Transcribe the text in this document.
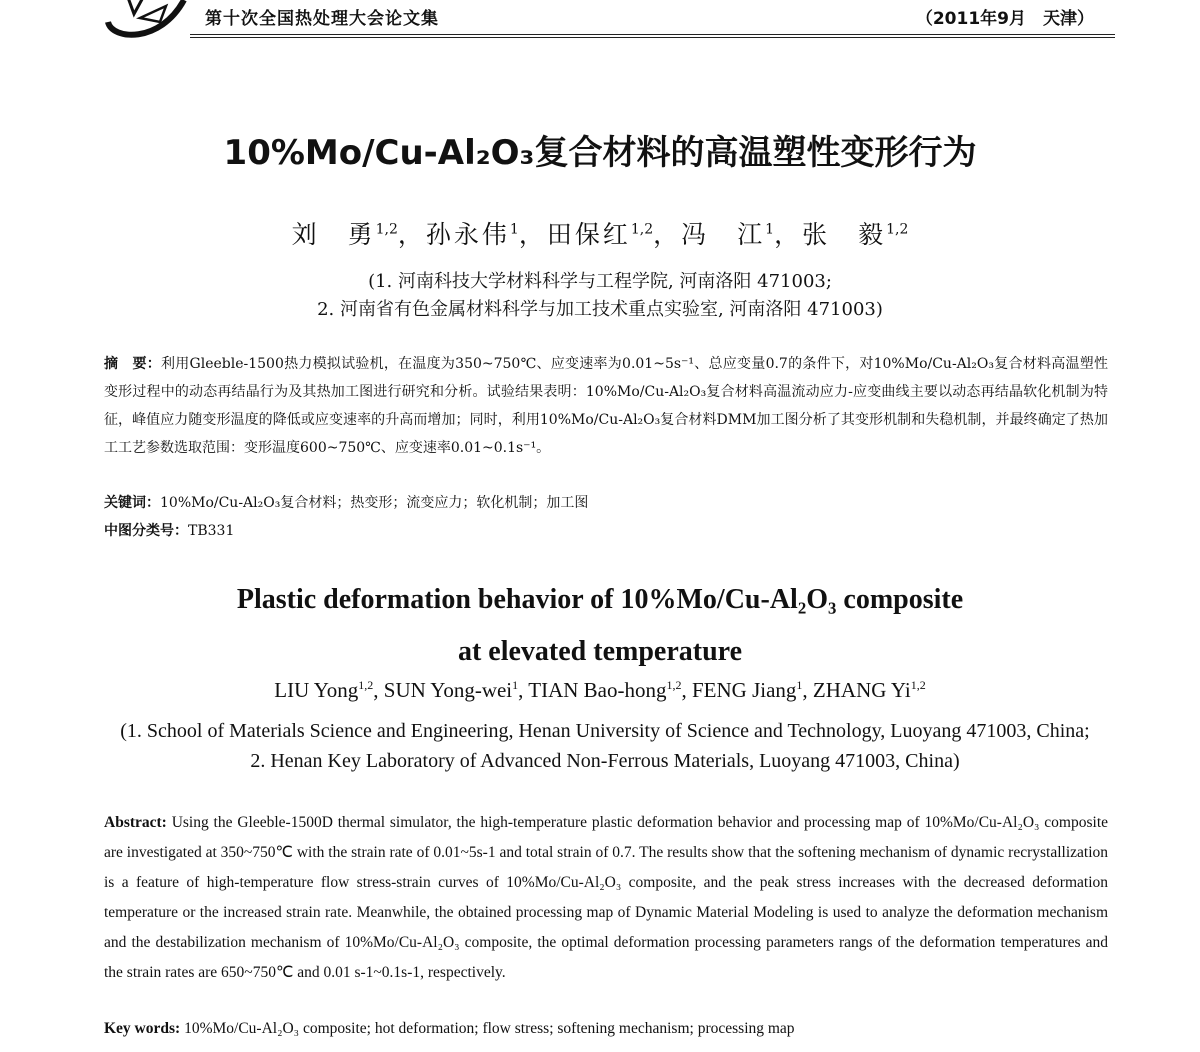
第十次全国热处理大会论文集	（2011年9月　天津）
10%Mo/Cu-Al₂O₃复合材料的高温塑性变形行为
刘　勇$^{1,2}$，孙永伟$^1$，田保红$^{1,2}$，冯　江$^1$，张　毅$^{1,2}$
(1. 河南科技大学材料科学与工程学院, 河南洛阳 471003;
2. 河南省有色金属材料科学与加工技术重点实验室, 河南洛阳 471003)
摘　要：利用Gleeble-1500热力模拟试验机，在温度为350~750℃、应变速率为0.01~5s⁻¹、总应变量0.7的条件下，对10%Mo/Cu-Al₂O₃复合材料高温塑性变形过程中的动态再结晶行为及其热加工图进行研究和分析。试验结果表明：10%Mo/Cu-Al₂O₃复合材料高温流动应力-应变曲线主要以动态再结晶软化机制为特征，峰值应力随变形温度的降低或应变速率的升高而增加；同时，利用10%Mo/Cu-Al₂O₃复合材料DMM加工图分析了其变形机制和失稳机制，并最终确定了热加工工艺参数选取范围：变形温度600~750℃、应变速率0.01~0.1s⁻¹。
关键词：10%Mo/Cu-Al₂O₃复合材料；热变形；流变应力；软化机制；加工图
中图分类号：TB331
Plastic deformation behavior of 10%Mo/Cu-Al₂O₃ composite
at elevated temperature
LIU Yong$^{1,2}$, SUN Yong-wei$^1$, TIAN Bao-hong$^{1,2}$, FENG Jiang$^1$, ZHANG Yi$^{1,2}$
(1. School of Materials Science and Engineering, Henan University of Science and Technology, Luoyang 471003, China;
2. Henan Key Laboratory of Advanced Non-Ferrous Materials, Luoyang 471003, China)
Abstract: Using the Gleeble-1500D thermal simulator, the high-temperature plastic deformation behavior and processing map of 10%Mo/Cu-Al₂O₃ composite are investigated at 350~750℃ with the strain rate of 0.01~5s-1 and total strain of 0.7. The results show that the softening mechanism of dynamic recrystallization is a feature of high-temperature flow stress-strain curves of 10%Mo/Cu-Al₂O₃ composite, and the peak stress increases with the decreased deformation temperature or the increased strain rate. Meanwhile, the obtained processing map of Dynamic Material Modeling is used to analyze the deformation mechanism and the destabilization mechanism of 10%Mo/Cu-Al₂O₃ composite, the optimal deformation processing parameters rangs of the deformation temperatures and the strain rates are 650~750℃ and 0.01 s-1~0.1s-1, respectively.
Key words: 10%Mo/Cu-Al₂O₃ composite; hot deformation; flow stress; softening mechanism; processing map
